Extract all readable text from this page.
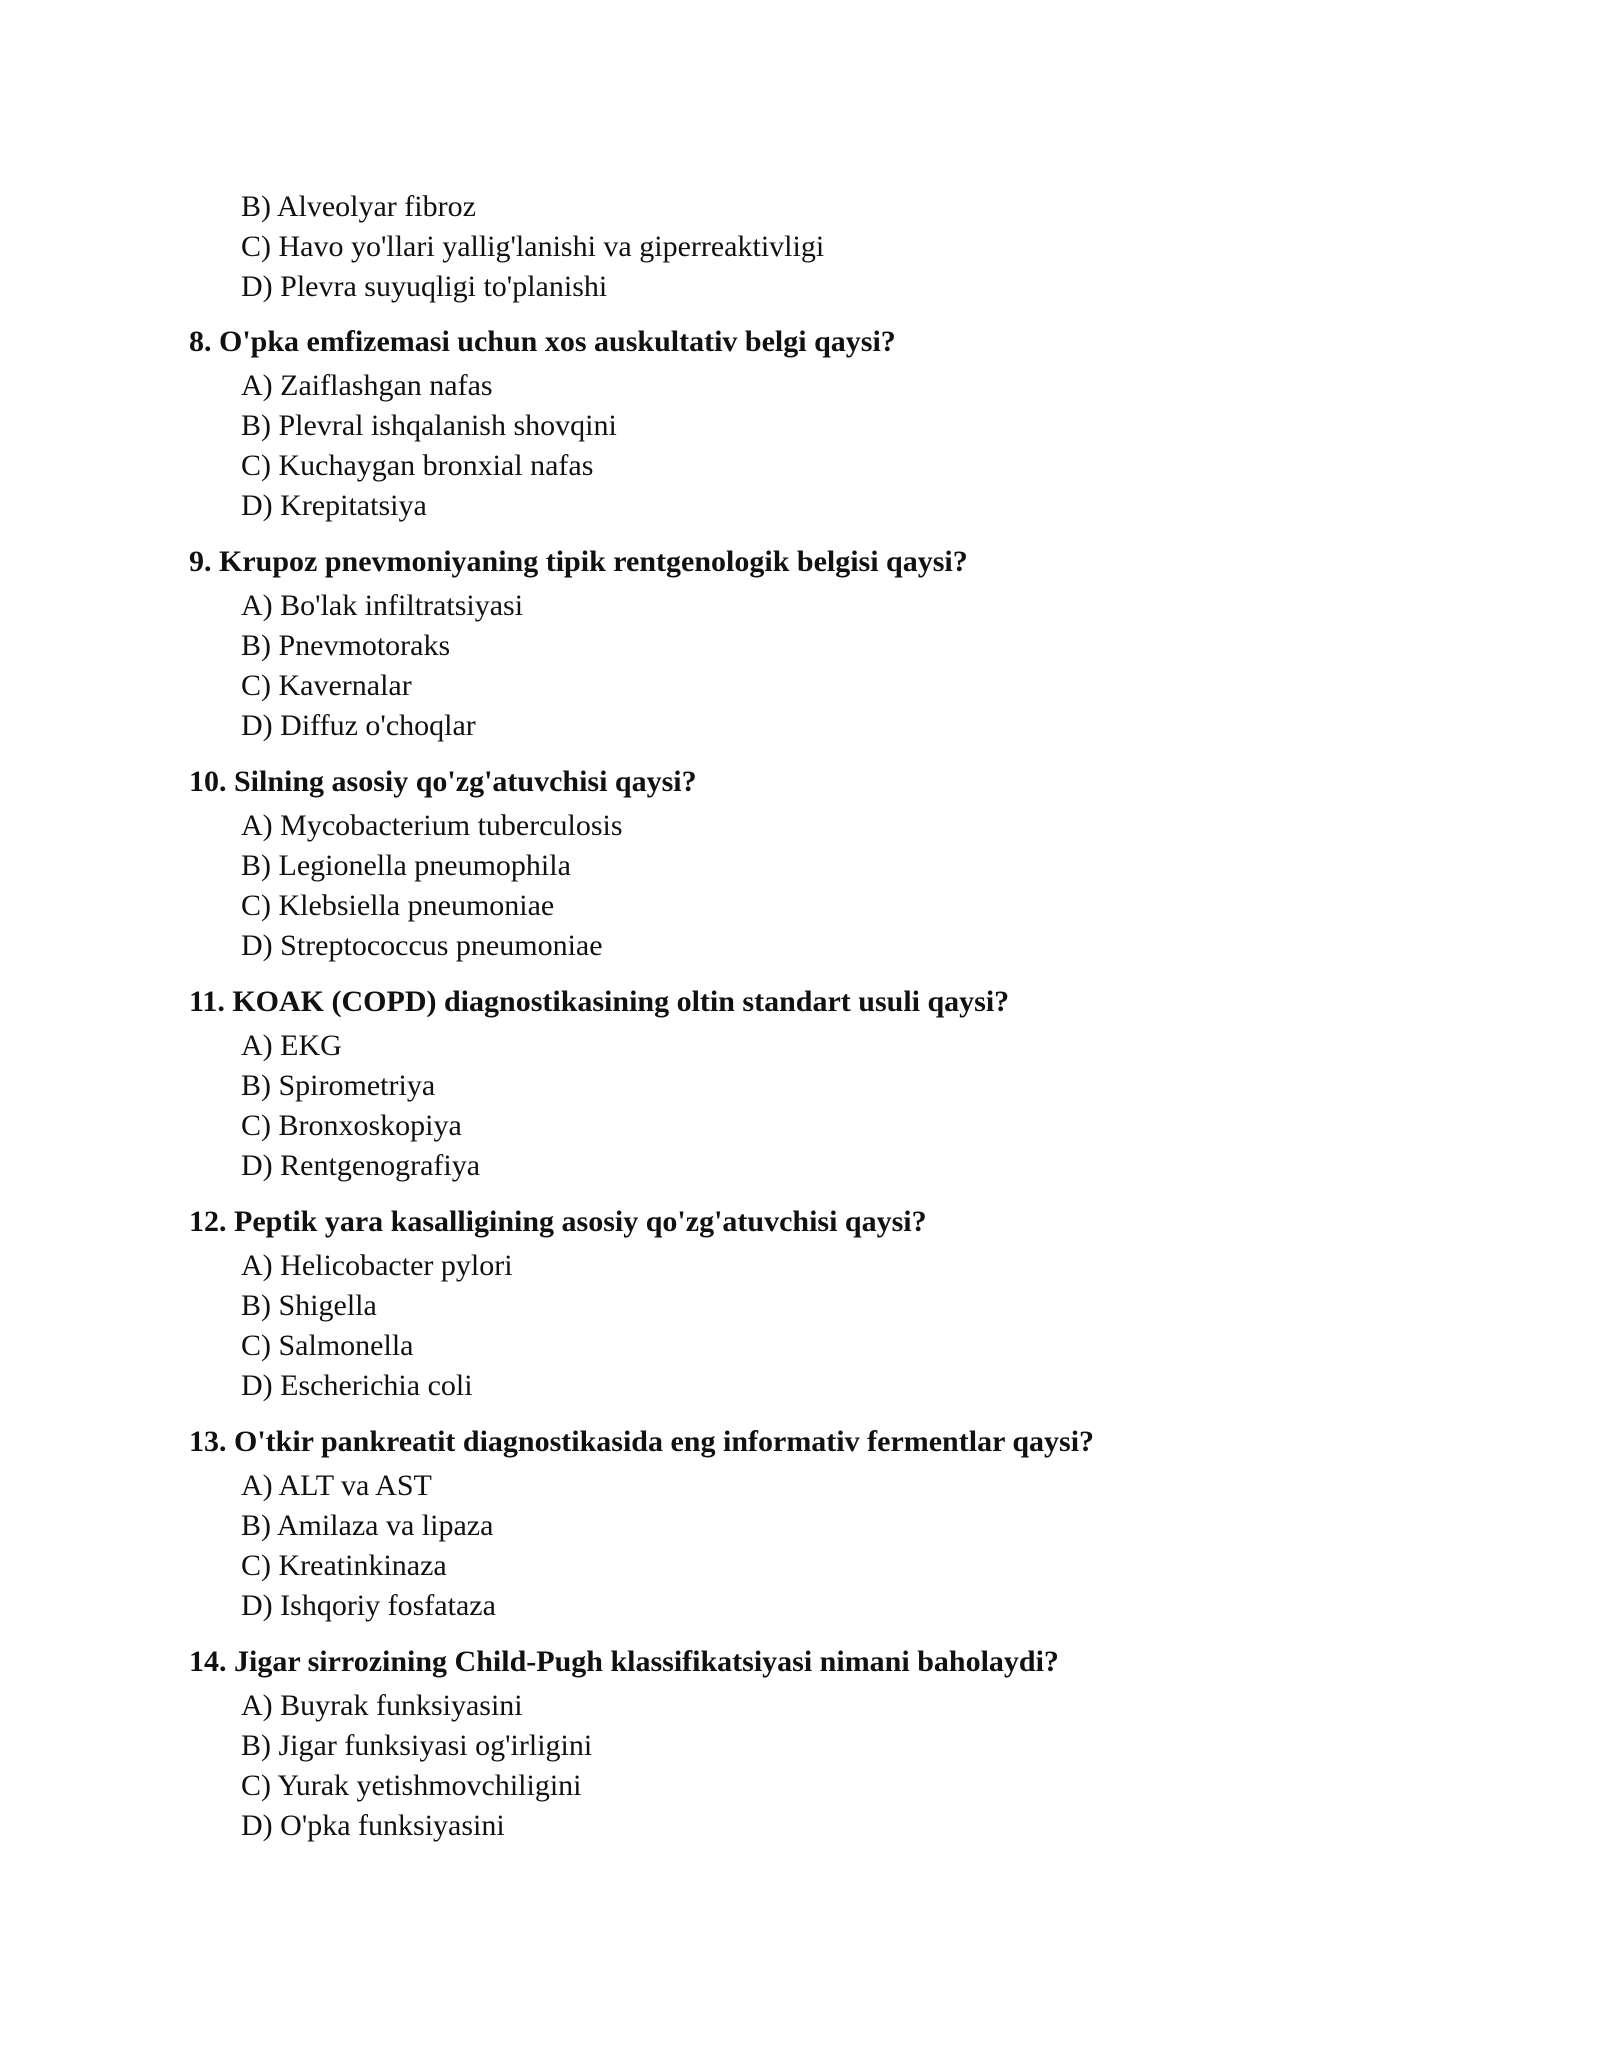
B) Alveolyar fibroz
C) Havo yo'llari yallig'lanishi va giperreaktivligi
D) Plevra suyuqligi to'planishi
8. O'pka emfizemasi uchun xos auskultativ belgi qaysi?
A) Zaiflashgan nafas
B) Plevral ishqalanish shovqini
C) Kuchaygan bronxial nafas
D) Krepitatsiya
9. Krupoz pnevmoniyaning tipik rentgenologik belgisi qaysi?
A) Bo'lak infiltratsiyasi
B) Pnevmotoraks
C) Kavernalar
D) Diffuz o'choqlar
10. Silning asosiy qo'zg'atuvchisi qaysi?
A) Mycobacterium tuberculosis
B) Legionella pneumophila
C) Klebsiella pneumoniae
D) Streptococcus pneumoniae
11. KOAK (COPD) diagnostikasining oltin standart usuli qaysi?
A) EKG
B) Spirometriya
C) Bronxoskopiya
D) Rentgenografiya
12. Peptik yara kasalligining asosiy qo'zg'atuvchisi qaysi?
A) Helicobacter pylori
B) Shigella
C) Salmonella
D) Escherichia coli
13. O'tkir pankreatit diagnostikasida eng informativ fermentlar qaysi?
A) ALT va AST
B) Amilaza va lipaza
C) Kreatinkinaza
D) Ishqoriy fosfataza
14. Jigar sirrozining Child-Pugh klassifikatsiyasi nimani baholaydi?
A) Buyrak funksiyasini
B) Jigar funksiyasi og'irligini
C) Yurak yetishmovchiligini
D) O'pka funksiyasini
